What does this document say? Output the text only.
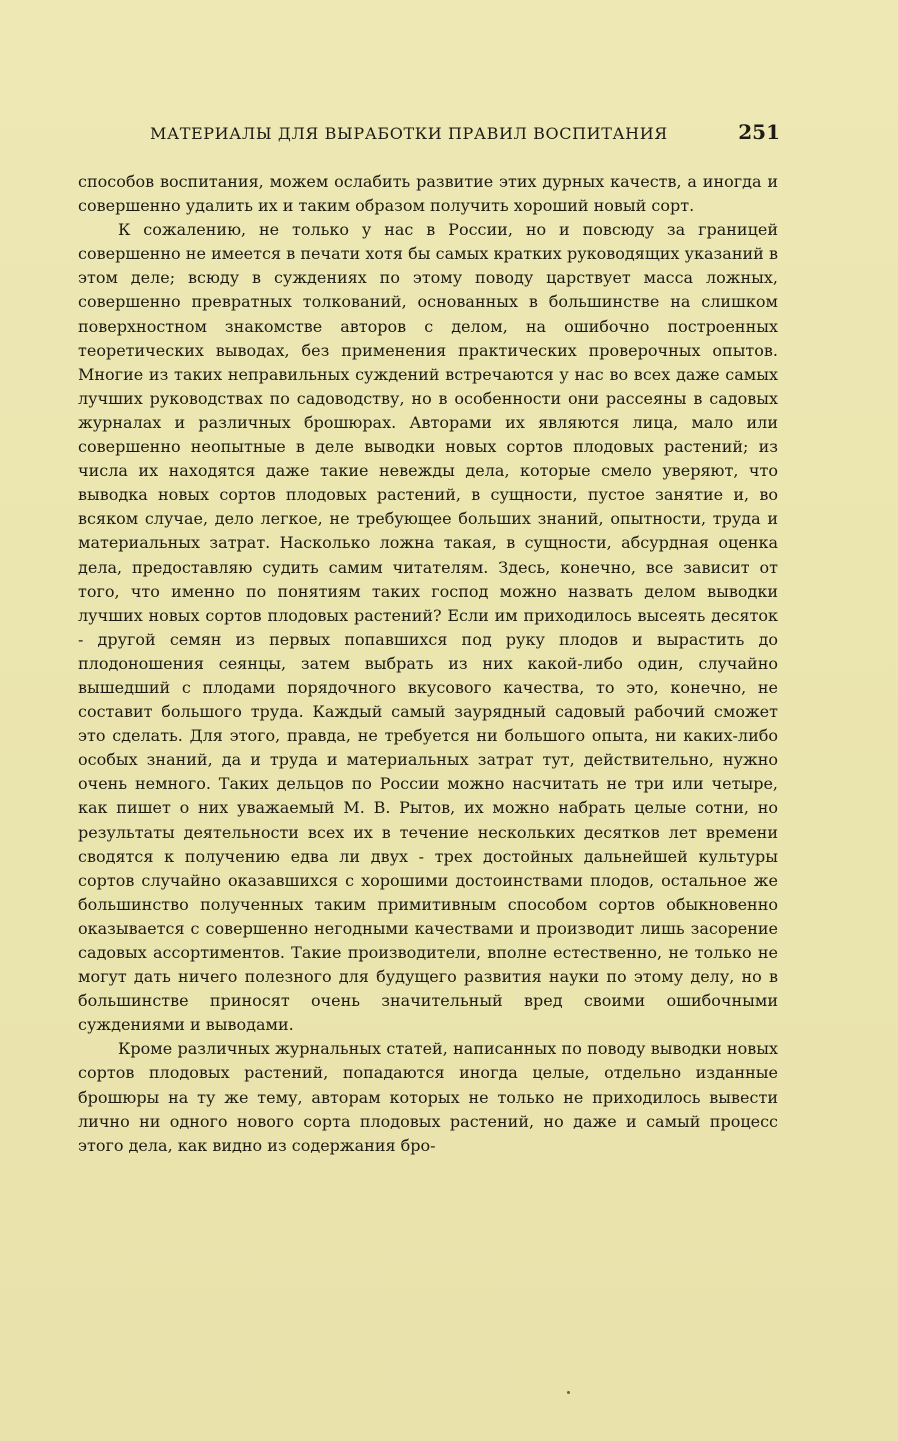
МАТЕРИАЛЫ ДЛЯ ВЫРАБОТКИ ПРАВИЛ ВОСПИТАНИЯ	251

способов воспитания, можем ослабить развитие этих дурных качеств, а иногда и совершенно удалить их и таким образом получить хороший новый сорт.

К сожалению, не только у нас в России, но и повсюду за границей совершенно не имеется в печати хотя бы самых кратких руководящих указаний в этом деле; всюду в суждениях по этому поводу царствует масса ложных, совершенно превратных толкований, основанных в большинстве на слишком поверхностном знакомстве авторов с делом, на ошибочно построенных теоретических выводах, без применения практических проверочных опытов. Многие из таких неправильных суждений встречаются у нас во всех даже самых лучших руководствах по садоводству, но в особенности они рассеяны в садовых журналах и различных брошюрах. Авторами их являются лица, мало или совершенно неопытные в деле выводки новых сортов плодовых растений; из числа их находятся даже такие невежды дела, которые смело уверяют, что выводка новых сортов плодовых растений, в сущности, пустое занятие и, во всяком случае, дело легкое, не требующее больших знаний, опытности, труда и материальных затрат. Насколько ложна такая, в сущности, абсурдная оценка дела, предоставляю судить самим читателям. Здесь, конечно, все зависит от того, что именно по понятиям таких господ можно назвать делом выводки лучших новых сортов плодовых растений? Если им приходилось высеять десяток - другой семян из первых попавшихся под руку плодов и вырастить до плодоношения сеянцы, затем выбрать из них какой-либо один, случайно вышедший с плодами порядочного вкусового качества, то это, конечно, не составит большого труда. Каждый самый заурядный садовый рабочий сможет это сделать. Для этого, правда, не требуется ни большого опыта, ни каких-либо особых знаний, да и труда и материальных затрат тут, действительно, нужно очень немного. Таких дельцов по России можно насчитать не три или четыре, как пишет о них уважаемый М. В. Рытов, их можно набрать целые сотни, но результаты деятельности всех их в течение нескольких десятков лет времени сводятся к получению едва ли двух - трех достойных дальнейшей культуры сортов случайно оказавшихся с хорошими достоинствами плодов, остальное же большинство полученных таким примитивным способом сортов обыкновенно оказывается с совершенно негодными качествами и производит лишь засорение садовых ассортиментов. Такие производители, вполне естественно, не только не могут дать ничего полезного для будущего развития науки по этому делу, но в большинстве приносят очень значительный вред своими ошибочными суждениями и выводами.

Кроме различных журнальных статей, написанных по поводу выводки новых сортов плодовых растений, попадаются иногда целые, отдельно изданные брошюры на ту же тему, авторам которых не только не приходилось вывести лично ни одного нового сорта плодовых растений, но даже и самый процесс этого дела, как видно из содержания бро-
